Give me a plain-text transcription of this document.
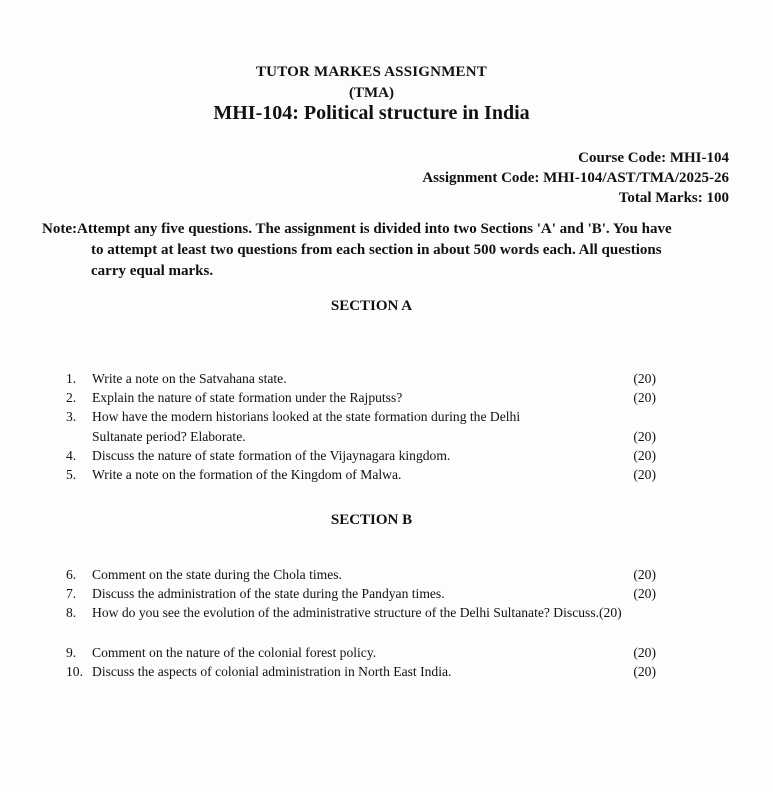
TUTOR MARKES ASSIGNMENT
(TMA)
MHI-104: Political structure in India
Course Code: MHI-104
Assignment Code: MHI-104/AST/TMA/2025-26
Total Marks: 100
Note:Attempt any five questions. The assignment is divided into two Sections 'A' and 'B'. You have
to attempt at least two questions from each section in about 500 words each. All questions
carry equal marks.
SECTION A
1. Write a note on the Satvahana state.	(20)
2. Explain the nature of state formation under the Rajputss?	(20)
3. How have the modern historians looked at the state formation during the Delhi
Sultanate period? Elaborate.	(20)
4. Discuss the nature of state formation of the Vijaynagara kingdom.	(20)
5. Write a note on the formation of the Kingdom of Malwa.	(20)
SECTION B
6. Comment on the state during the Chola times.	(20)
7. Discuss the administration of the state during the Pandyan times.	(20)
8. How do you see the evolution of the administrative structure of the Delhi Sultanate? Discuss.(20)
9. Comment on the nature of the colonial forest policy.	(20)
10. Discuss the aspects of colonial administration in North East India.	(20)
